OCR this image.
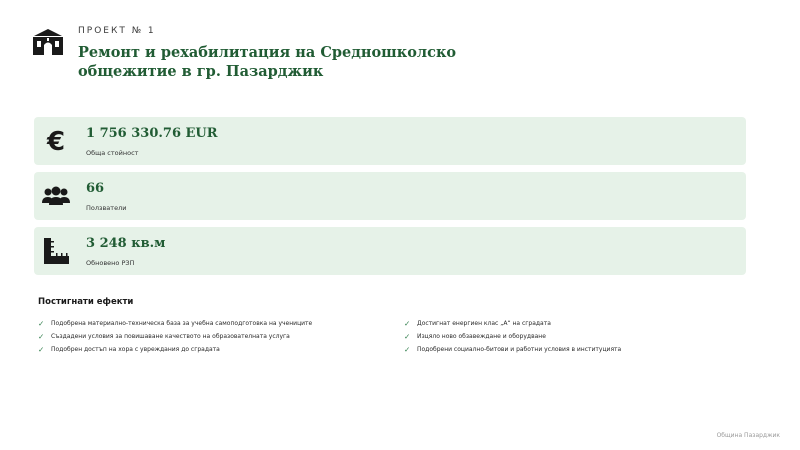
ПРОЕКТ № 1
Ремонт и рехабилитация на Средношколско общежитие в гр. Пазарджик
€ 1 756 330.76 EUR
Обща стойност
66
Ползватели
3 248 кв.м
Обновено РЗП
Постигнати ефекти
✓ Подобрена материално-техническа база за учебна самоподготовка на учениците
✓ Създадени условия за повишаване качеството на образователната услуга
✓ Подобрен достъп на хора с увреждания до сградата
✓ Достигнат енергиен клас „А“ на сградата
✓ Изцяло ново обзавеждане и оборудване
✓ Подобрени социално-битови и работни условия в институцията
Община Пазарджик
